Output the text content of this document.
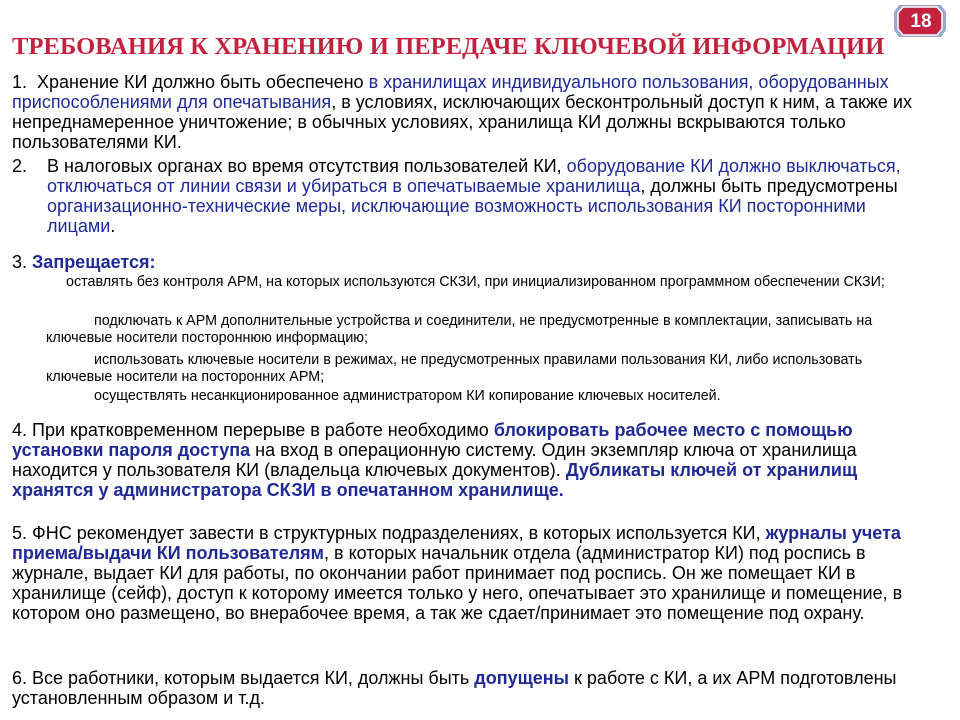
18
ТРЕБОВАНИЯ К ХРАНЕНИЮ И ПЕРЕДАЧЕ КЛЮЧЕВОЙ ИНФОРМАЦИИ

1. Хранение КИ должно быть обеспечено в хранилищах индивидуального пользования, оборудованных приспособлениями для опечатывания, в условиях, исключающих бесконтрольный доступ к ним, а также их непреднамеренное уничтожение; в обычных условиях, хранилища КИ должны вскрываются только пользователями КИ.

2. В налоговых органах во время отсутствия пользователей КИ, оборудование КИ должно выключаться, отключаться от линии связи и убираться в опечатываемые хранилища, должны быть предусмотрены организационно-технические меры, исключающие возможность использования КИ посторонними лицами.

3. Запрещается:

оставлять без контроля АРМ, на которых используются СКЗИ, при инициализированном программном обеспечении СКЗИ;

подключать к АРМ дополнительные устройства и соединители, не предусмотренные в комплектации, записывать на ключевые носители постороннюю информацию;

использовать ключевые носители в режимах, не предусмотренных правилами пользования КИ, либо использовать ключевые носители на посторонних АРМ;

осуществлять несанкционированное администратором КИ копирование ключевых носителей.

4. При кратковременном перерыве в работе необходимо блокировать рабочее место с помощью установки пароля доступа на вход в операционную систему. Один экземпляр ключа от хранилища находится у пользователя КИ (владельца ключевых документов). Дубликаты ключей от хранилищ хранятся у администратора СКЗИ в опечатанном хранилище.

5. ФНС рекомендует завести в структурных подразделениях, в которых используется КИ, журналы учета приема/выдачи КИ пользователям, в которых начальник отдела (администратор КИ) под роспись в журнале, выдает КИ для работы, по окончании работ принимает под роспись. Он же помещает КИ в хранилище (сейф), доступ к которому имеется только у него, опечатывает это хранилище и помещение, в котором оно размещено, во внерабочее время, а так же сдает/принимает это помещение под охрану.

6. Все работники, которым выдается КИ, должны быть допущены к работе с КИ, а их АРМ подготовлены установленным образом и т.д.
